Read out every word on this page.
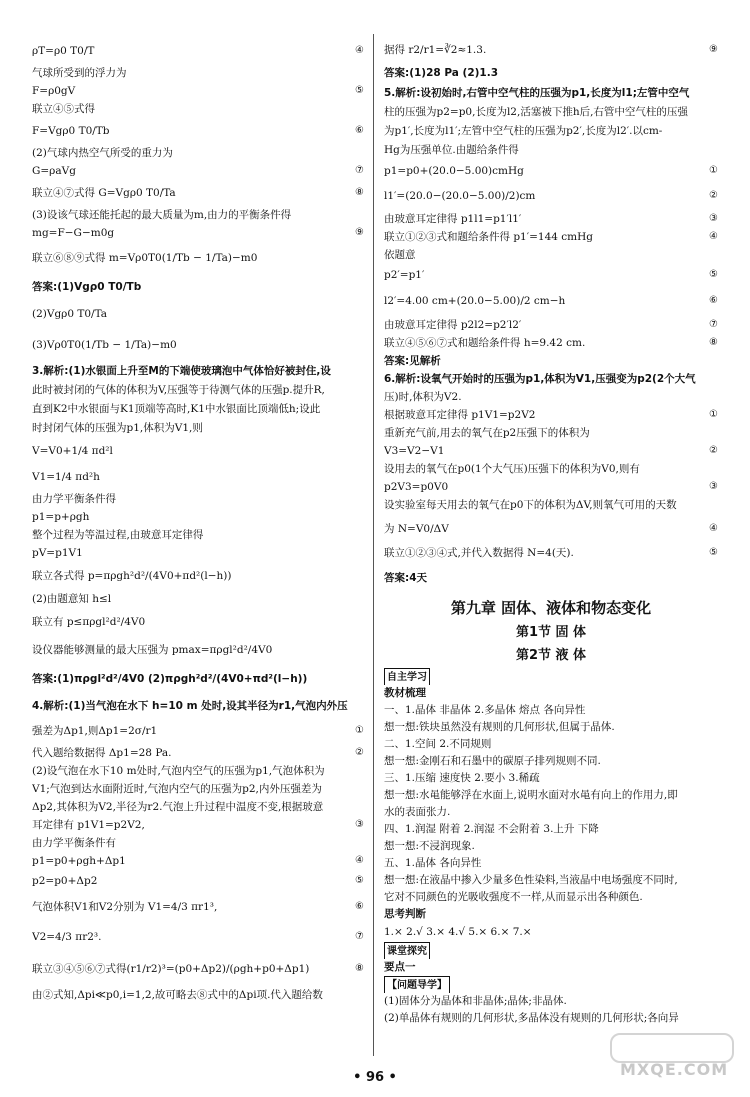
ρT=ρ0 T0/T	④
气球所受到的浮力为
F=ρ0gV	⑤
联立④⑤式得
F=Vgρ0 T0/Tb	⑥
(2)气球内热空气所受的重力为
G=ρaVg	⑦
联立④⑦式得 G=Vgρ0 T0/Ta	⑧
(3)设该气球还能托起的最大质量为m,由力的平衡条件得
mg=F−G−m0g	⑨
联立⑥⑧⑨式得 m=Vρ0T0(1/Tb − 1/Ta)−m0
答案:(1)Vgρ0 T0/Tb
(2)Vgρ0 T0/Ta
(3)Vρ0T0(1/Tb − 1/Ta)−m0
3.解析:(1)水银面上升至M的下端使玻璃泡中气体恰好被封住,设
此时被封闭的气体的体积为V,压强等于待测气体的压强p.提升R,
直到K2中水银面与K1顶端等高时,K1中水银面比顶端低h;设此
时封闭气体的压强为p1,体积为V1,则
V=V0+1/4 πd²l
V1=1/4 πd²h
由力学平衡条件得
p1=p+ρgh
整个过程为等温过程,由玻意耳定律得
pV=p1V1
联立各式得 p=πρgh²d²/(4V0+πd²(l−h))
(2)由题意知 h≤l
联立有 p≤πρgl²d²/4V0
设仪器能够测量的最大压强为 pmax=πρgl²d²/4V0
答案:(1)πρgl²d²/4V0 (2)πρgh²d²/(4V0+πd²(l−h))
4.解析:(1)当气泡在水下 h=10 m 处时,设其半径为r1,气泡内外压
强差为Δp1,则Δp1=2σ/r1	①
代入题给数据得 Δp1=28 Pa.	②
(2)设气泡在水下10 m处时,气泡内空气的压强为p1,气泡体积为
V1;气泡到达水面附近时,气泡内空气的压强为p2,内外压强差为
Δp2,其体积为V2,半径为r2.气泡上升过程中温度不变,根据玻意
耳定律有 p1V1=p2V2,	③
由力学平衡条件有
p1=p0+ρgh+Δp1	④
p2=p0+Δp2	⑤
气泡体积V1和V2分别为 V1=4/3 πr1³,	⑥
V2=4/3 πr2³.	⑦
联立③④⑤⑥⑦式得(r1/r2)³=(p0+Δp2)/(ρgh+p0+Δp1)	⑧
由②式知,Δpi≪p0,i=1,2,故可略去⑧式中的Δpi项.代入题给数
据得 r2/r1=∛2≈1.3.	⑨
答案:(1)28 Pa (2)1.3
5.解析:设初始时,右管中空气柱的压强为p1,长度为l1;左管中空气
柱的压强为p2=p0,长度为l2,活塞被下推h后,右管中空气柱的压强
为p1′,长度为l1′;左管中空气柱的压强为p2′,长度为l2′.以cm-
Hg为压强单位.由题给条件得
p1=p0+(20.0−5.00)cmHg	①
l1′=(20.0−(20.0−5.00)/2)cm	②
由玻意耳定律得 p1l1=p1′l1′	③
联立①②③式和题给条件得 p1′=144 cmHg	④
依题意
p2′=p1′	⑤
l2′=4.00 cm+(20.0−5.00)/2 cm−h	⑥
由玻意耳定律得 p2l2=p2′l2′	⑦
联立④⑤⑥⑦式和题给条件得 h=9.42 cm.	⑧
答案:见解析
6.解析:设氧气开始时的压强为p1,体积为V1,压强变为p2(2个大气
压)时,体积为V2.
根据玻意耳定律得 p1V1=p2V2	①
重新充气前,用去的氧气在p2压强下的体积为
V3=V2−V1	②
设用去的氧气在p0(1个大气压)压强下的体积为V0,则有
p2V3=p0V0	③
设实验室每天用去的氧气在p0下的体积为ΔV,则氧气可用的天数
为 N=V0/ΔV	④
联立①②③④式,并代入数据得 N=4(天).	⑤
答案:4天
第九章 固体、液体和物态变化
第1节 固 体
第2节 液 体
自主学习
教材梳理
一、1.晶体 非晶体 2.多晶体 熔点 各向异性
想一想:铁块虽然没有规则的几何形状,但属于晶体.
二、1.空间 2.不同规则
想一想:金刚石和石墨中的碳原子排列规则不同.
三、1.压缩 速度快 2.要小 3.稀疏
想一想:水黾能够浮在水面上,说明水面对水黾有向上的作用力,即
水的表面张力.
四、1.润湿 附着 2.润湿 不会附着 3.上升 下降
想一想:不浸润现象.
五、1.晶体 各向异性
想一想:在液晶中掺入少量多色性染料,当液晶中电场强度不同时,
它对不同颜色的光吸收强度不一样,从而显示出各种颜色.
思考判断
1.× 2.√ 3.× 4.√ 5.× 6.× 7.×
课堂探究
要点一
【问题导学】
(1)固体分为晶体和非晶体;晶体;非晶体.
(2)单晶体有规则的几何形状,多晶体没有规则的几何形状;各向异
• 96 •	MXQE.COM
